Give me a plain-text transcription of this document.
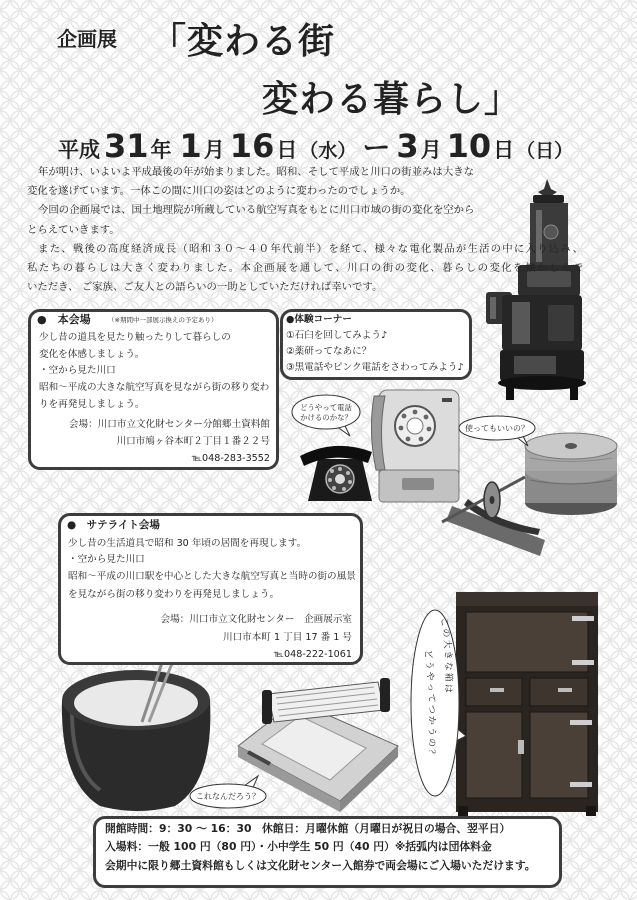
どうやって電話
かけるのかな？
使ってもいいの？
これなんだろう？
この大きな箱は
どうやってつかうの？
企画展 「変わる街
変わる暮らし」
平成 31 年 1 月 16 日 （水） ー 3 月 10 日 （日）
年が明け、いよいよ平成最後の年が始まりました。昭和、そして平成と川口の街並みは大きな
変化を遂げています。一体この間に川口の姿はどのように変わったのでしょうか。
今回の企画展では、国土地理院が所蔵している航空写真をもとに川口市域の街の変化を空から
とらえていきます。
また、戦後の高度経済成長（昭和３０～４０年代前半）を経て、様々な電化製品が生活の中に入り込み、
私たちの暮らしは大きく変わりました。本企画展を通して、川口の街の変化、暮らしの変化を懐かしんで
いただき、 ご家族、ご友人との語らいの一助としていただければ幸いです。
●　本会場	（※期間中一部展示換えの予定あり）
少し昔の道具を見たり触ったりして暮らしの
変化を体感しましょう。
・空から見た川口
昭和～平成の大きな航空写真を見ながら街の移り変わ
りを再発見しましょう。
会場：川口市立文化財センター分館郷土資料館
川口市鳩ヶ谷本町２丁目１番２２号
℡048-283-3552
●体験コーナー
①石臼を回してみよう♪
②薬研ってなあに？
③黒電話やピンク電話をさわってみよう♪
●　サテライト会場
少し昔の生活道具で昭和 30 年頃の居間を再現します。
・空から見た川口
昭和～平成の川口駅を中心とした大きな航空写真と当時の街の風景
を見ながら街の移り変わりを再発見しましょう。
会場：川口市立文化財センター　企画展示室
川口市本町 1 丁目 17 番 1 号
℡048-222-1061
開館時間：9：30 ～ 16：30 休館日：月曜休館（月曜日が祝日の場合、翌平日）
入場料：一般 100 円（80 円）・小中学生 50 円（40 円）※括弧内は団体料金
会期中に限り郷土資料館もしくは文化財センター入館券で両会場にご入場いただけます。
